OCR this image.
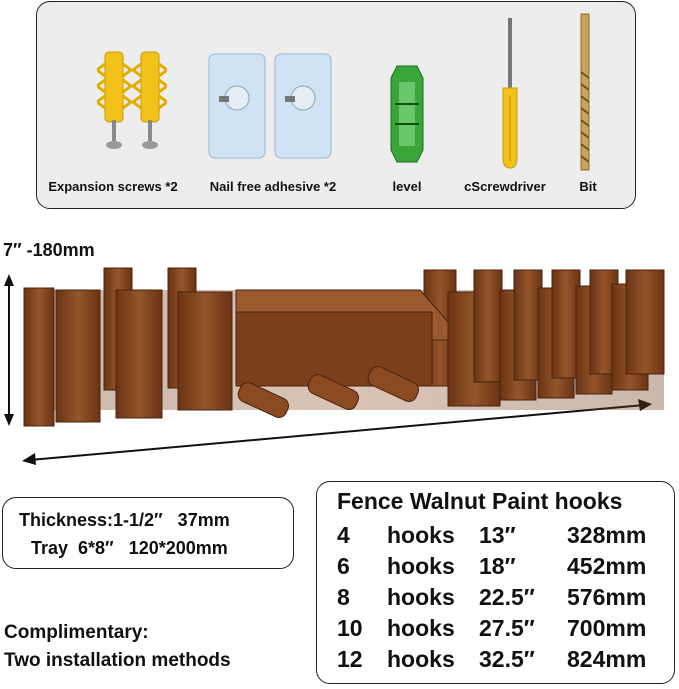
Expansion screws *2 Nail free adhesive *2	level	cScrewdriver	Bit
7″ -180mm
Thickness:1-1/2″   37mm
Tray  6*8″   120*200mm
Complimentary:
Two installation methods
Fence Walnut Paint hooks
4 hooks 13″ 328mm
6 hooks 18″ 452mm
8 hooks 22.5″ 576mm
10 hooks 27.5″ 700mm
12 hooks 32.5″ 824mm
